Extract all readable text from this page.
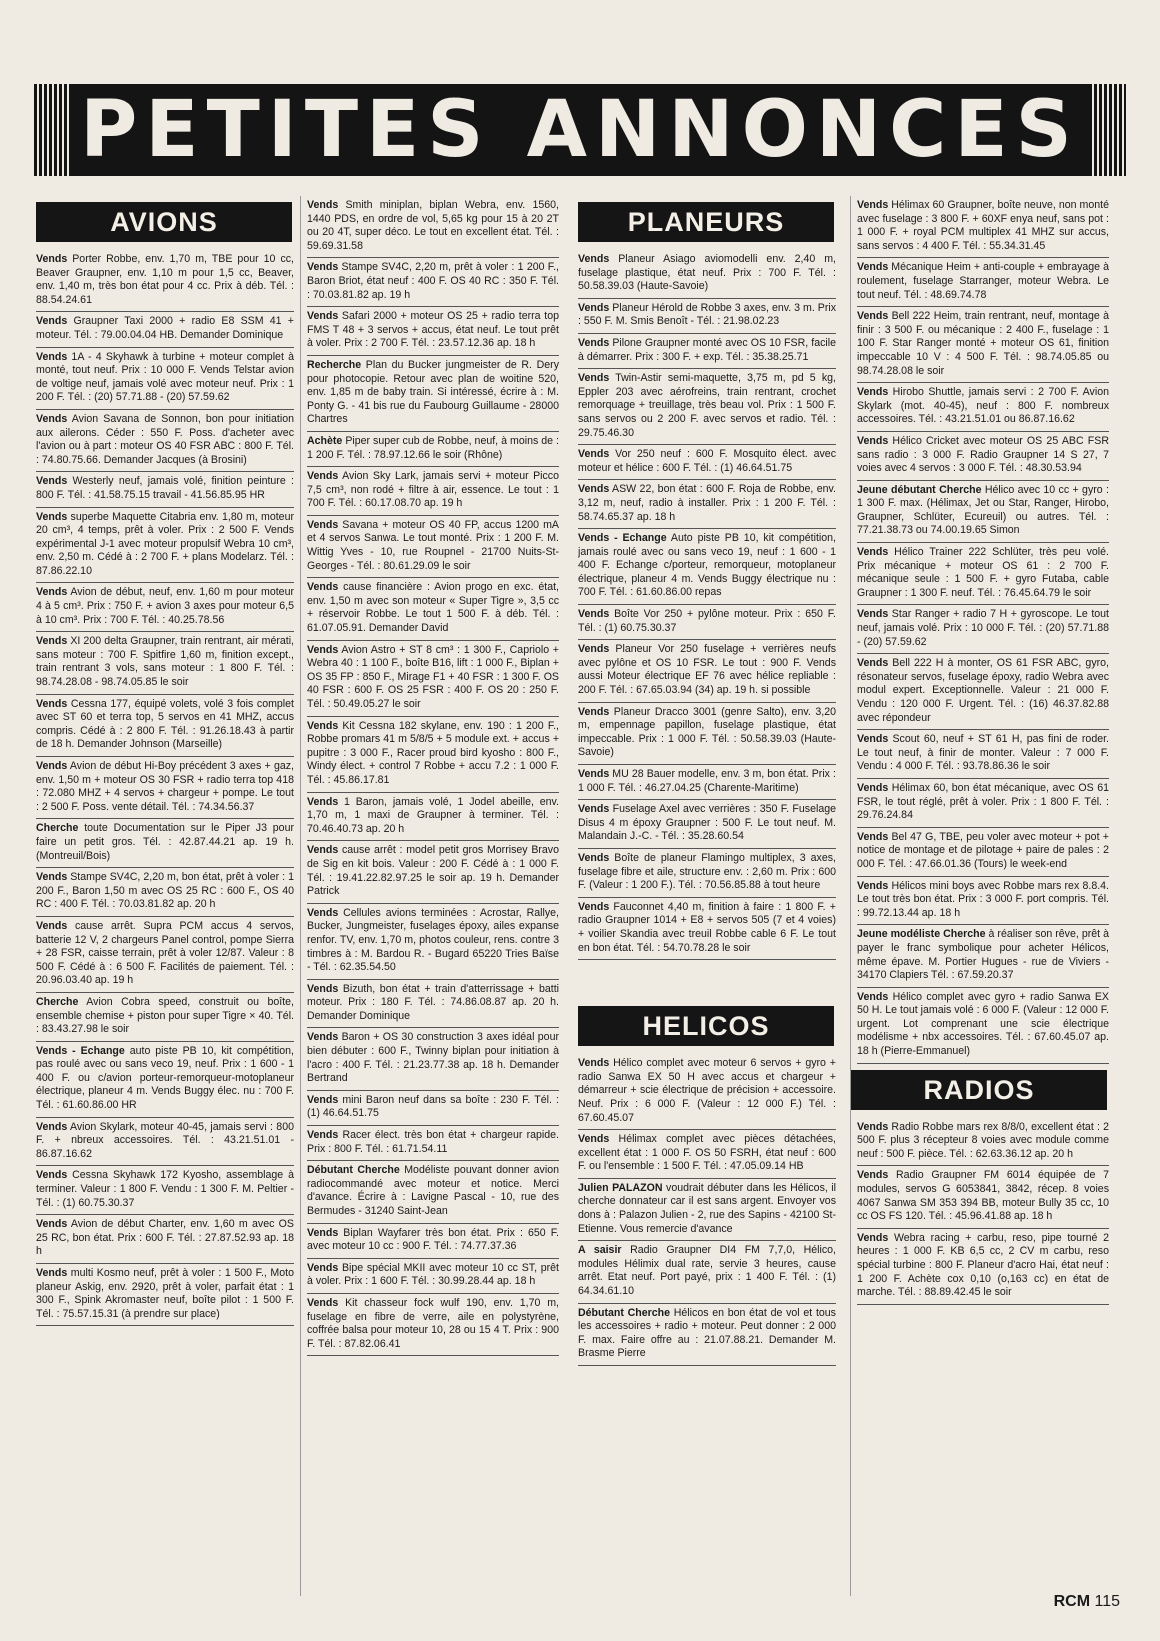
PETITES ANNONCES
AVIONS
Vends Porter Robbe, env. 1,70 m, TBE pour 10 cc, Beaver Graupner, env. 1,10 m pour 1,5 cc, Beaver, env. 1,40 m, très bon état pour 4 cc. Prix à déb. Tél. : 88.54.24.61
Vends Graupner Taxi 2000 + radio E8 SSM 41 + moteur. Tél. : 79.00.04.04 HB. Demander Dominique
Vends 1A - 4 Skyhawk à turbine + moteur complet à monté, tout neuf. Prix : 10 000 F. Vends Telstar avion de voltige neuf, jamais volé avec moteur neuf. Prix : 1 200 F. Tél. : (20) 57.71.88 - (20) 57.59.62
Vends Avion Savana de Sonnon, bon pour initiation aux ailerons. Céder : 550 F. Poss. d'acheter avec l'avion ou à part : moteur OS 40 FSR ABC : 800 F. Tél. : 74.80.75.66. Demander Jacques (à Brosini)
Vends Westerly neuf, jamais volé, finition peinture : 800 F. Tél. : 41.58.75.15 travail - 41.56.85.95 HR
Vends superbe Maquette Citabria env. 1,80 m, moteur 20 cm³, 4 temps, prêt à voler. Prix : 2 500 F. Vends expérimental J-1 avec moteur propulsif Webra 10 cm³, env. 2,50 m. Cédé à : 2 700 F. + plans Modelarz. Tél. : 87.86.22.10
Vends Avion de début, neuf, env. 1,60 m pour moteur 4 à 5 cm³. Prix : 750 F. + avion 3 axes pour moteur 6,5 à 10 cm³. Prix : 700 F. Tél. : 40.25.78.56
Vends XI 200 delta Graupner, train rentrant, air mérati, sans moteur : 700 F. Spitfire 1,60 m, finition except., train rentrant 3 vols, sans moteur : 1 800 F. Tél. : 98.74.28.08 - 98.74.05.85 le soir
Vends Cessna 177, équipé volets, volé 3 fois complet avec ST 60 et terra top, 5 servos en 41 MHZ, accus compris. Cédé à : 2 800 F. Tél. : 91.26.18.43 à partir de 18 h. Demander Johnson (Marseille)
Vends Avion de début Hi-Boy précédent 3 axes + gaz, env. 1,50 m + moteur OS 30 FSR + radio terra top 418 : 72.080 MHZ + 4 servos + chargeur + pompe. Le tout : 2 500 F. Poss. vente détail. Tél. : 74.34.56.37
Cherche toute Documentation sur le Piper J3 pour faire un petit gros. Tél. : 42.87.44.21 ap. 19 h. (Montreuil/Bois)
Vends Stampe SV4C, 2,20 m, bon état, prêt à voler : 1 200 F., Baron 1,50 m avec OS 25 RC : 600 F., OS 40 RC : 400 F. Tél. : 70.03.81.82 ap. 20 h
Vends cause arrêt. Supra PCM accus 4 servos, batterie 12 V, 2 chargeurs Panel control, pompe Sierra + 28 FSR, caisse terrain, prêt à voler 12/87. Valeur : 8 500 F. Cédé à : 6 500 F. Facilités de paiement. Tél. : 20.96.03.40 ap. 19 h
Cherche Avion Cobra speed, construit ou boîte, ensemble chemise + piston pour super Tigre × 40. Tél. : 83.43.27.98 le soir
Vends - Echange auto piste PB 10, kit compétition, pas roulé avec ou sans veco 19, neuf. Prix : 1 600 - 1 400 F. ou c/avion porteur-remorqueur-motoplaneur électrique, planeur 4 m. Vends Buggy élec. nu : 700 F. Tél. : 61.60.86.00 HR
Vends Avion Skylark, moteur 40-45, jamais servi : 800 F. + nbreux accessoires. Tél. : 43.21.51.01 - 86.87.16.62
Vends Cessna Skyhawk 172 Kyosho, assemblage à terminer. Valeur : 1 800 F. Vendu : 1 300 F. M. Peltier - Tél. : (1) 60.75.30.37
Vends Avion de début Charter, env. 1,60 m avec OS 25 RC, bon état. Prix : 600 F. Tél. : 27.87.52.93 ap. 18 h
Vends multi Kosmo neuf, prêt à voler : 1 500 F., Moto planeur Askig, env. 2920, prêt à voler, parfait état : 1 300 F., Spink Akromaster neuf, boîte pilot : 1 500 F. Tél. : 75.57.15.31 (à prendre sur place)
Vends Smith miniplan, biplan Webra, env. 1560, 1440 PDS, en ordre de vol, 5,65 kg pour 15 à 20 2T ou 20 4T, super déco. Le tout en excellent état. Tél. : 59.69.31.58
Vends Stampe SV4C, 2,20 m, prêt à voler : 1 200 F., Baron Briot, état neuf : 400 F. OS 40 RC : 350 F. Tél. : 70.03.81.82 ap. 19 h
Vends Safari 2000 + moteur OS 25 + radio terra top FMS T 48 + 3 servos + accus, état neuf. Le tout prêt à voler. Prix : 2 700 F. Tél. : 23.57.12.36 ap. 18 h
Recherche Plan du Bucker jungmeister de R. Dery pour photocopie. Retour avec plan de woitine 520, env. 1,85 m de baby train. Si intéressé, écrire à : M. Ponty G. - 41 bis rue du Faubourg Guillaume - 28000 Chartres
Achète Piper super cub de Robbe, neuf, à moins de : 1 200 F. Tél. : 78.97.12.66 le soir (Rhône)
Vends Avion Sky Lark, jamais servi + moteur Picco 7,5 cm³, non rodé + filtre à air, essence. Le tout : 1 700 F. Tél. : 60.17.08.70 ap. 19 h
Vends Savana + moteur OS 40 FP, accus 1200 mA et 4 servos Sanwa. Le tout monté. Prix : 1 200 F. M. Wittig Yves - 10, rue Roupnel - 21700 Nuits-St-Georges - Tél. : 80.61.29.09 le soir
Vends cause financière : Avion progo en exc. état, env. 1,50 m avec son moteur « Super Tigre », 3,5 cc + réservoir Robbe. Le tout 1 500 F. à déb. Tél. : 61.07.05.91. Demander David
Vends Avion Astro + ST 8 cm³ : 1 300 F., Capriolo + Webra 40 : 1 100 F., boîte B16, lift : 1 000 F., Biplan + OS 35 FP : 850 F., Mirage F1 + 40 FSR : 1 300 F. OS 40 FSR : 600 F. OS 25 FSR : 400 F. OS 20 : 250 F. Tél. : 50.49.05.27 le soir
Vends Kit Cessna 182 skylane, env. 190 : 1 200 F., Robbe promars 41 m 5/8/5 + 5 module ext. + accus + pupitre : 3 000 F., Racer proud bird kyosho : 800 F., Windy élect. + control 7 Robbe + accu 7.2 : 1 000 F. Tél. : 45.86.17.81
Vends 1 Baron, jamais volé, 1 Jodel abeille, env. 1,70 m, 1 maxi de Graupner à terminer. Tél. : 70.46.40.73 ap. 20 h
Vends cause arrêt : model petit gros Morrisey Bravo de Sig en kit bois. Valeur : 200 F. Cédé à : 1 000 F. Tél. : 19.41.22.82.97.25 le soir ap. 19 h. Demander Patrick
Vends Cellules avions terminées : Acrostar, Rallye, Bucker, Jungmeister, fuselages époxy, ailes expanse renfor. TV, env. 1,70 m, photos couleur, rens. contre 3 timbres à : M. Bardou R. - Bugard 65220 Tries Baïse - Tél. : 62.35.54.50
Vends Bizuth, bon état + train d'atterrissage + batti moteur. Prix : 180 F. Tél. : 74.86.08.87 ap. 20 h. Demander Dominique
Vends Baron + OS 30 construction 3 axes idéal pour bien débuter : 600 F., Twinny biplan pour initiation à l'acro : 400 F. Tél. : 21.23.77.38 ap. 18 h. Demander Bertrand
Vends mini Baron neuf dans sa boîte : 230 F. Tél. : (1) 46.64.51.75
Vends Racer élect. très bon état + chargeur rapide. Prix : 800 F. Tél. : 61.71.54.11
Débutant Cherche Modéliste pouvant donner avion radiocommandé avec moteur et notice. Merci d'avance. Écrire à : Lavigne Pascal - 10, rue des Bermudes - 31240 Saint-Jean
Vends Biplan Wayfarer très bon état. Prix : 650 F. avec moteur 10 cc : 900 F. Tél. : 74.77.37.36
Vends Bipe spécial MKII avec moteur 10 cc ST, prêt à voler. Prix : 1 600 F. Tél. : 30.99.28.44 ap. 18 h
Vends Kit chasseur fock wulf 190, env. 1,70 m, fuselage en fibre de verre, aile en polystyrène, coffrée balsa pour moteur 10, 28 ou 15 4 T. Prix : 900 F. Tél. : 87.82.06.41
PLANEURS
Vends Planeur Asiago aviomodelli env. 2,40 m, fuselage plastique, état neuf. Prix : 700 F. Tél. : 50.58.39.03 (Haute-Savoie)
Vends Planeur Hérold de Robbe 3 axes, env. 3 m. Prix : 550 F. M. Smis Benoît - Tél. : 21.98.02.23
Vends Pilone Graupner monté avec OS 10 FSR, facile à démarrer. Prix : 300 F. + exp. Tél. : 35.38.25.71
Vends Twin-Astir semi-maquette, 3,75 m, pd 5 kg, Eppler 203 avec aérofreins, train rentrant, crochet remorquage + treuillage, très beau vol. Prix : 1 500 F. sans servos ou 2 200 F. avec servos et radio. Tél. : 29.75.46.30
Vends Vor 250 neuf : 600 F. Mosquito élect. avec moteur et hélice : 600 F. Tél. : (1) 46.64.51.75
Vends ASW 22, bon état : 600 F. Roja de Robbe, env. 3,12 m, neuf, radio à installer. Prix : 1 200 F. Tél. : 58.74.65.37 ap. 18 h
Vends - Echange Auto piste PB 10, kit compétition, jamais roulé avec ou sans veco 19, neuf : 1 600 - 1 400 F. Echange c/porteur, remorqueur, motoplaneur électrique, planeur 4 m. Vends Buggy électrique nu : 700 F. Tél. : 61.60.86.00 repas
Vends Boîte Vor 250 + pylône moteur. Prix : 650 F. Tél. : (1) 60.75.30.37
Vends Planeur Vor 250 fuselage + verrières neufs avec pylône et OS 10 FSR. Le tout : 900 F. Vends aussi Moteur électrique EF 76 avec hélice repliable : 200 F. Tél. : 67.65.03.94 (34) ap. 19 h. si possible
Vends Planeur Dracco 3001 (genre Salto), env. 3,20 m, empennage papillon, fuselage plastique, état impeccable. Prix : 1 000 F. Tél. : 50.58.39.03 (Haute-Savoie)
Vends MU 28 Bauer modelle, env. 3 m, bon état. Prix : 1 000 F. Tél. : 46.27.04.25 (Charente-Maritime)
Vends Fuselage Axel avec verrières : 350 F. Fuselage Disus 4 m époxy Graupner : 500 F. Le tout neuf. M. Malandain J.-C. - Tél. : 35.28.60.54
Vends Boîte de planeur Flamingo multiplex, 3 axes, fuselage fibre et aile, structure env. : 2,60 m. Prix : 600 F. (Valeur : 1 200 F.). Tél. : 70.56.85.88 à tout heure
Vends Fauconnet 4,40 m, finition à faire : 1 800 F. + radio Graupner 1014 + E8 + servos 505 (7 et 4 voies) + voilier Skandia avec treuil Robbe cable 6 F. Le tout en bon état. Tél. : 54.70.78.28 le soir
HELICOS
Vends Hélico complet avec moteur 6 servos + gyro + radio Sanwa EX 50 H avec accus et chargeur + démarreur + scie électrique de précision + accessoire. Neuf. Prix : 6 000 F. (Valeur : 12 000 F.) Tél. : 67.60.45.07
Vends Hélimax complet avec pièces détachées, excellent état : 1 000 F. OS 50 FSRH, état neuf : 600 F. ou l'ensemble : 1 500 F. Tél. : 47.05.09.14 HB
Julien PALAZON voudrait débuter dans les Hélicos, il cherche donnateur car il est sans argent. Envoyer vos dons à : Palazon Julien - 2, rue des Sapins - 42100 St-Etienne. Vous remercie d'avance
A saisir Radio Graupner DI4 FM 7,7,0, Hélico, modules Hélimix dual rate, servie 3 heures, cause arrêt. Etat neuf. Port payé, prix : 1 400 F. Tél. : (1) 64.34.61.10
Débutant Cherche Hélicos en bon état de vol et tous les accessoires + radio + moteur. Peut donner : 2 000 F. max. Faire offre au : 21.07.88.21. Demander M. Brasme Pierre
Vends Hélimax 60 Graupner, boîte neuve, non monté avec fuselage : 3 800 F. + 60XF enya neuf, sans pot : 1 000 F. + royal PCM multiplex 41 MHZ sur accus, sans servos : 4 400 F. Tél. : 55.34.31.45
Vends Mécanique Heim + anti-couple + embrayage à roulement, fuselage Starranger, moteur Webra. Le tout neuf. Tél. : 48.69.74.78
Vends Bell 222 Heim, train rentrant, neuf, montage à finir : 3 500 F. ou mécanique : 2 400 F., fuselage : 1 100 F. Star Ranger monté + moteur OS 61, finition impeccable 10 V : 4 500 F. Tél. : 98.74.05.85 ou 98.74.28.08 le soir
Vends Hirobo Shuttle, jamais servi : 2 700 F. Avion Skylark (mot. 40-45), neuf : 800 F. nombreux accessoires. Tél. : 43.21.51.01 ou 86.87.16.62
Vends Hélico Cricket avec moteur OS 25 ABC FSR sans radio : 3 000 F. Radio Graupner 14 S 27, 7 voies avec 4 servos : 3 000 F. Tél. : 48.30.53.94
Jeune débutant Cherche Hélico avec 10 cc + gyro : 1 300 F. max. (Hélimax, Jet ou Star, Ranger, Hirobo, Graupner, Schlüter, Ecureuil) ou autres. Tél. : 77.21.38.73 ou 74.00.19.65 Simon
Vends Hélico Trainer 222 Schlüter, très peu volé. Prix mécanique + moteur OS 61 : 2 700 F. mécanique seule : 1 500 F. + gyro Futaba, cable Graupner : 1 300 F. neuf. Tél. : 76.45.64.79 le soir
Vends Star Ranger + radio 7 H + gyroscope. Le tout neuf, jamais volé. Prix : 10 000 F. Tél. : (20) 57.71.88 - (20) 57.59.62
Vends Bell 222 H à monter, OS 61 FSR ABC, gyro, résonateur servos, fuselage époxy, radio Webra avec modul expert. Exceptionnelle. Valeur : 21 000 F. Vendu : 120 000 F. Urgent. Tél. : (16) 46.37.82.88 avec répondeur
Vends Scout 60, neuf + ST 61 H, pas fini de roder. Le tout neuf, à finir de monter. Valeur : 7 000 F. Vendu : 4 000 F. Tél. : 93.78.86.36 le soir
Vends Hélimax 60, bon état mécanique, avec OS 61 FSR, le tout réglé, prêt à voler. Prix : 1 800 F. Tél. : 29.76.24.84
Vends Bel 47 G, TBE, peu voler avec moteur + pot + notice de montage et de pilotage + paire de pales : 2 000 F. Tél. : 47.66.01.36 (Tours) le week-end
Vends Hélicos mini boys avec Robbe mars rex 8.8.4. Le tout très bon état. Prix : 3 000 F. port compris. Tél. : 99.72.13.44 ap. 18 h
Jeune modéliste Cherche à réaliser son rêve, prêt à payer le franc symbolique pour acheter Hélicos, même épave. M. Portier Hugues - rue de Viviers - 34170 Clapiers Tél. : 67.59.20.37
Vends Hélico complet avec gyro + radio Sanwa EX 50 H. Le tout jamais volé : 6 000 F. (Valeur : 12 000 F. urgent. Lot comprenant une scie électrique modélisme + nbx accessoires. Tél. : 67.60.45.07 ap. 18 h (Pierre-Emmanuel)
RADIOS
Vends Radio Robbe mars rex 8/8/0, excellent état : 2 500 F. plus 3 récepteur 8 voies avec module comme neuf : 500 F. pièce. Tél. : 62.63.36.12 ap. 20 h
Vends Radio Graupner FM 6014 équipée de 7 modules, servos G 6053841, 3842, récep. 8 voies 4067 Sanwa SM 353 394 BB, moteur Bully 35 cc, 10 cc OS FS 120. Tél. : 45.96.41.88 ap. 18 h
Vends Webra racing + carbu, reso, pipe tourné 2 heures : 1 000 F. KB 6,5 cc, 2 CV m carbu, reso spécial turbine : 800 F. Planeur d'acro Hai, état neuf : 1 200 F. Achète cox 0,10 (o,163 cc) en état de marche. Tél. : 88.89.42.45 le soir
RCM 115
